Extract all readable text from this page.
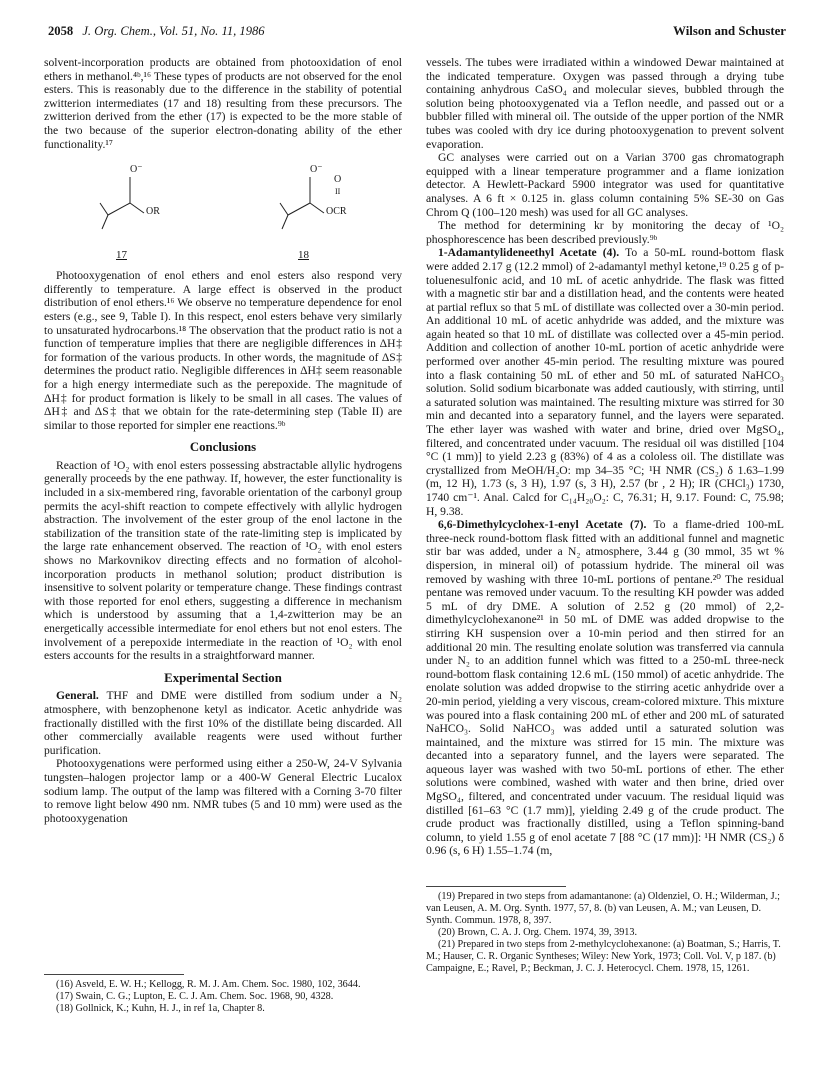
2058 J. Org. Chem., Vol. 51, No. 11, 1986	Wilson and Schuster

solvent-incorporation products are obtained from photooxidation of enol ethers in methanol.⁴ᵇ,¹⁶ These types of products are not observed for the enol esters. This is reasonably due to the difference in the stability of potential zwitterion intermediates (17 and 18) resulting from these precursors. The zwitterion derived from the ether (17) is expected to be the more stable of the two because of the superior electron-donating ability of the ether functionality.¹⁷

O⁻
OR
17
O⁻
O
II
OCR
18

Photooxygenation of enol ethers and enol esters also respond very differently to temperature. A large effect is observed in the product distribution of enol ethers.¹⁶ We observe no temperature dependence for enol esters (e.g., see 9, Table I). In this respect, enol esters behave very similarly to unsaturated hydrocarbons.¹⁸ The observation that the product ratio is not a function of temperature implies that there are negligible differences in ΔH‡ for formation of the various products. In other words, the magnitude of ΔS‡ determines the product ratio. Negligible differences in ΔH‡ seem reasonable for a high energy intermediate such as the perepoxide. The magnitude of ΔH‡ for product formation is likely to be small in all cases. The values of ΔH‡ and ΔS‡ that we obtain for the rate-determining step (Table II) are similar to those reported for simpler ene reactions.⁹ᵇ

Conclusions

Reaction of ¹O₂ with enol esters possessing abstractable allylic hydrogens generally proceeds by the ene pathway. If, however, the ester functionality is included in a six-membered ring, favorable orientation of the carbonyl group permits the acyl-shift reaction to compete effectively with allylic hydrogen abstraction. The involvement of the ester group of the enol lactone in the stabilization of the transition state of the rate-limiting step is implicated by the large rate enhancement observed. The reaction of ¹O₂ with enol esters shows no Markovnikov directing effects and no formation of alcohol-incorporation products in methanol solution; product distribution is insensitive to solvent polarity or temperature change. These findings contrast with those reported for enol ethers, suggesting a difference in mechanism which is understood by assuming that a 1,4-zwitterion may be an energetically accessible intermediate for enol ethers but not enol esters. The involvement of a perepoxide intermediate in the reaction of ¹O₂ with enol esters accounts for the results in a straightforward manner.

Experimental Section

General. THF and DME were distilled from sodium under a N₂ atmosphere, with benzophenone ketyl as indicator. Acetic anhydride was fractionally distilled with the first 10% of the distillate being discarded. All other commercially available reagents were used without further purification.

Photooxygenations were performed using either a 250-W, 24-V Sylvania tungsten–halogen projector lamp or a 400-W General Electric Lucalox sodium lamp. The output of the lamp was filtered with a Corning 3-70 filter to remove light below 490 nm. NMR tubes (5 and 10 mm) were used as the photooxygenation

(16) Asveld, E. W. H.; Kellogg, R. M. J. Am. Chem. Soc. 1980, 102, 3644.

(17) Swain, C. G.; Lupton, E. C. J. Am. Chem. Soc. 1968, 90, 4328.

(18) Gollnick, K.; Kuhn, H. J., in ref 1a, Chapter 8.

vessels. The tubes were irradiated within a windowed Dewar maintained at the indicated temperature. Oxygen was passed through a drying tube containing anhydrous CaSO₄ and molecular sieves, bubbled through the solution being photooxygenated via a Teflon needle, and passed out or a bubbler filled with mineral oil. The outside of the upper portion of the NMR tubes was cooled with dry ice during photooxygenation to prevent solvent evaporation.

GC analyses were carried out on a Varian 3700 gas chromatograph equipped with a linear temperature programmer and a flame ionization detector. A Hewlett-Packard 5900 integrator was used for quantitative analyses. A 6 ft × 0.125 in. glass column containing 5% SE-30 on Gas Chrom Q (100–120 mesh) was used for all GC analyses.

The method for determining kr by monitoring the decay of ¹O₂ phosphorescence has been described previously.⁹ᵇ

1-Adamantylideneethyl Acetate (4). To a 50-mL round-bottom flask were added 2.17 g (12.2 mmol) of 2-adamantyl methyl ketone,¹⁹ 0.25 g of p-toluenesulfonic acid, and 10 mL of acetic anhydride. The flask was fitted with a magnetic stir bar and a distillation head, and the contents were heated at partial reflux so that 5 mL of distillate was collected over a 30-min period. An additional 10 mL of acetic anhydride was added, and the mixture was again heated so that 10 mL of distillate was collected over a 45-min period. Addition and collection of another 10-mL portion of acetic anhydride were performed over another 45-min period. The resulting mixture was poured into a flask containing 50 mL of ether and 50 mL of saturated NaHCO₃ solution. Solid sodium bicarbonate was added cautiously, with stirring, until a saturated solution was maintained. The resulting mixture was stirred for 30 min and decanted into a separatory funnel, and the layers were separated. The ether layer was washed with water and brine, dried over MgSO₄, filtered, and concentrated under vacuum. The residual oil was distilled [104 °C (1 mm)] to yield 2.23 g (83%) of 4 as a cololess oil. The distillate was crystallized from MeOH/H₂O: mp 34–35 °C; ¹H NMR (CS₂) δ 1.63–1.99 (m, 12 H), 1.73 (s, 3 H), 1.97 (s, 3 H), 2.57 (br , 2 H); IR (CHCl₃) 1730, 1740 cm⁻¹. Anal. Calcd for C₁₄H₂₀O₂: C, 76.31; H, 9.17. Found: C, 75.98; H, 9.38.

6,6-Dimethylcyclohex-1-enyl Acetate (7). To a flame-dried 100-mL three-neck round-bottom flask fitted with an additional funnel and magnetic stir bar was added, under a N₂ atmosphere, 3.44 g (30 mmol, 35 wt % dispersion, in mineral oil) of potassium hydride. The mineral oil was removed by washing with three 10-mL portions of pentane.²⁰ The residual pentane was removed under vacuum. To the resulting KH powder was added 5 mL of dry DME. A solution of 2.52 g (20 mmol) of 2,2-dimethylcyclohexanone²¹ in 50 mL of DME was added dropwise to the stirring KH suspension over a 10-min period and then stirred for an additional 20 min. The resulting enolate solution was transferred via cannula under N₂ to an addition funnel which was fitted to a 250-mL three-neck round-bottom flask containing 12.6 mL (150 mmol) of acetic anhydride. The enolate solution was added dropwise to the stirring acetic anhydride over a 20-min period, yielding a very viscous, cream-colored mixture. This mixture was poured into a flask containing 200 mL of ether and 200 mL of saturated NaHCO₃. Solid NaHCO₃ was added until a saturated solution was maintained, and the mixture was stirred for 15 min. The mixture was decanted into a separatory funnel, and the layers were separated. The aqueous layer was washed with two 50-mL portions of ether. The ether solutions were combined, washed with water and then brine, dried over MgSO₄, filtered, and concentrated under vacuum. The residual liquid was distilled [61–63 °C (1.7 mm)], yielding 2.49 g of the crude product. The crude product was fractionally distilled, using a Teflon spinning-band column, to yield 1.55 g of enol acetate 7 [88 °C (17 mm)]: ¹H NMR (CS₂) δ 0.96 (s, 6 H) 1.55–1.74 (m,

(19) Prepared in two steps from adamantanone: (a) Oldenziel, O. H.; Wilderman, J.; van Leusen, A. M. Org. Synth. 1977, 57, 8. (b) van Leusen, A. M.; van Leusen, D. Synth. Commun. 1978, 8, 397.

(20) Brown, C. A. J. Org. Chem. 1974, 39, 3913.

(21) Prepared in two steps from 2-methylcyclohexanone: (a) Boatman, S.; Harris, T. M.; Hauser, C. R. Organic Syntheses; Wiley: New York, 1973; Coll. Vol. V, p 187. (b) Campaigne, E.; Ravel, P.; Beckman, J. C. J. Heterocycl. Chem. 1978, 15, 1261.
